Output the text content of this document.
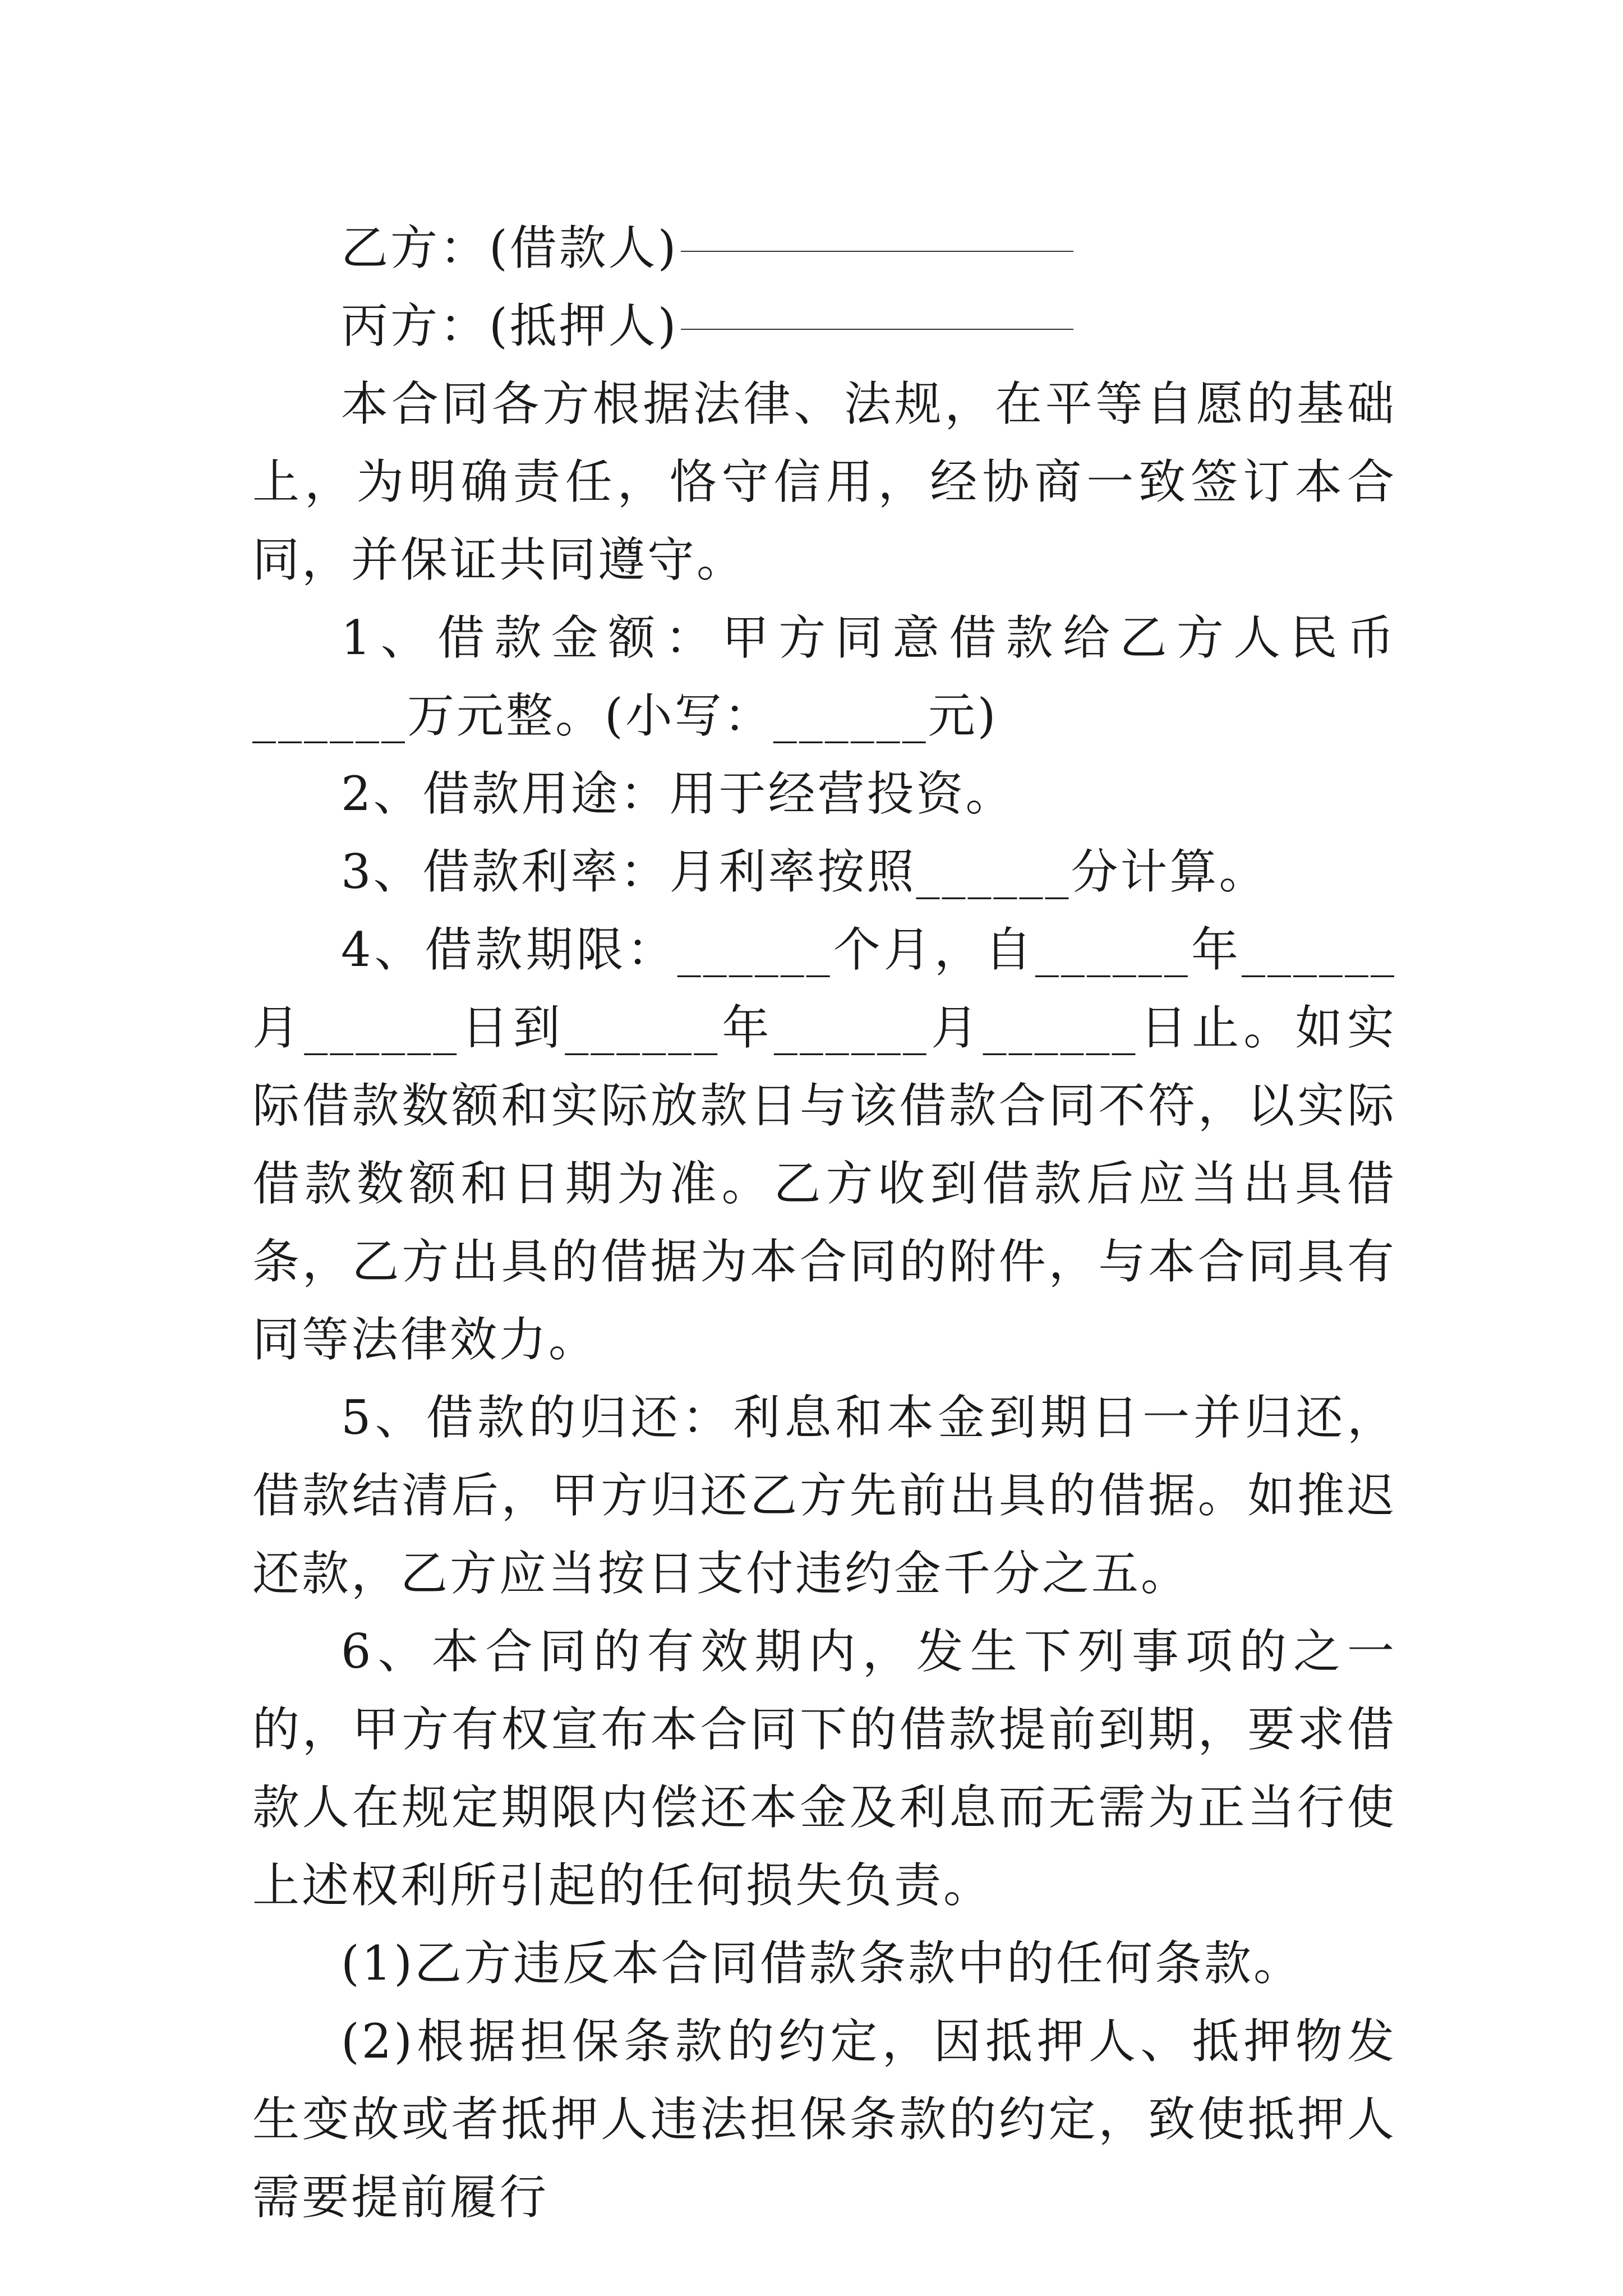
乙方：(借款人)

丙方：(抵押人)

本合同各方根据法律、法规，在平等自愿的基础上，为明确责任，恪守信用，经协商一致签订本合同，并保证共同遵守。

1、借款金额：甲方同意借款给乙方人民币______万元整。(小写：______元)

2、借款用途：用于经营投资。

3、借款利率：月利率按照______分计算。

4、借款期限：______个月，自______年______月______日到______年______月______日止。如实际借款数额和实际放款日与该借款合同不符，以实际借款数额和日期为准。乙方收到借款后应当出具借条，乙方出具的借据为本合同的附件，与本合同具有同等法律效力。

5、借款的归还：利息和本金到期日一并归还，借款结清后，甲方归还乙方先前出具的借据。如推迟还款，乙方应当按日支付违约金千分之五。

6、本合同的有效期内，发生下列事项的之一的，甲方有权宣布本合同下的借款提前到期，要求借款人在规定期限内偿还本金及利息而无需为正当行使上述权利所引起的任何损失负责。

(1)乙方违反本合同借款条款中的任何条款。

(2)根据担保条款的约定，因抵押人、抵押物发生变故或者抵押人违法担保条款的约定，致使抵押人需要提前履行
